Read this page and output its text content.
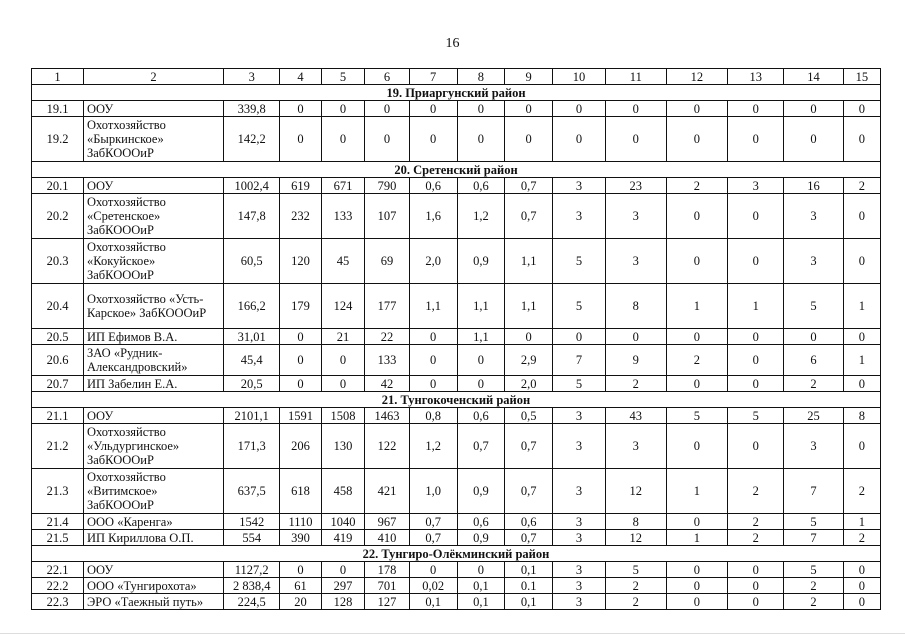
16
1	2	3	4	5	6	7	8	9	10	11	12	13	14	15
19. Приаргунский район														
19.1	ООУ	339,8	0	0	0	0	0	0	0	0	0	0	0	0
19.2	Охотхозяйство «Быркинское» ЗабКОООиР	142,2	0	0	0	0	0	0	0	0	0	0	0	0
20. Сретенский район														
20.1	ООУ	1002,4	619	671	790	0,6	0,6	0,7	3	23	2	3	16	2
20.2	Охотхозяйство «Сретенское» ЗабКОООиР	147,8	232	133	107	1,6	1,2	0,7	3	3	0	0	3	0
20.3	Охотхозяйство «Кокуйское» ЗабКОООиР	60,5	120	45	69	2,0	0,9	1,1	5	3	0	0	3	0
20.4	Охотхозяйство «Усть-Карское» ЗабКОООиР	166,2	179	124	177	1,1	1,1	1,1	5	8	1	1	5	1
20.5	ИП Ефимов В.А.	31,01	0	21	22	0	1,1	0	0	0	0	0	0	0
20.6	ЗАО «Рудник-Александровский»	45,4	0	0	133	0	0	2,9	7	9	2	0	6	1
20.7	ИП Забелин Е.А.	20,5	0	0	42	0	0	2,0	5	2	0	0	2	0
21. Тунгокоченский район														
21.1	ООУ	2101,1	1591	1508	1463	0,8	0,6	0,5	3	43	5	5	25	8
21.2	Охотхозяйство «Ульдургинское» ЗабКОООиР	171,3	206	130	122	1,2	0,7	0,7	3	3	0	0	3	0
21.3	Охотхозяйство «Витимское» ЗабКОООиР	637,5	618	458	421	1,0	0,9	0,7	3	12	1	2	7	2
21.4	ООО «Каренга»	1542	1110	1040	967	0,7	0,6	0,6	3	8	0	2	5	1
21.5	ИП Кириллова О.П.	554	390	419	410	0,7	0,9	0,7	3	12	1	2	7	2
22. Тунгиро-Олёкминский район														
22.1	ООУ	1127,2	0	0	178	0	0	0,1	3	5	0	0	5	0
22.2	ООО «Тунгирохота»	2 838,4	61	297	701	0,02	0,1	0.1	3	2	0	0	2	0
22.3	ЭРО «Таежный путь»	224,5	20	128	127	0,1	0,1	0,1	3	2	0	0	2	0
